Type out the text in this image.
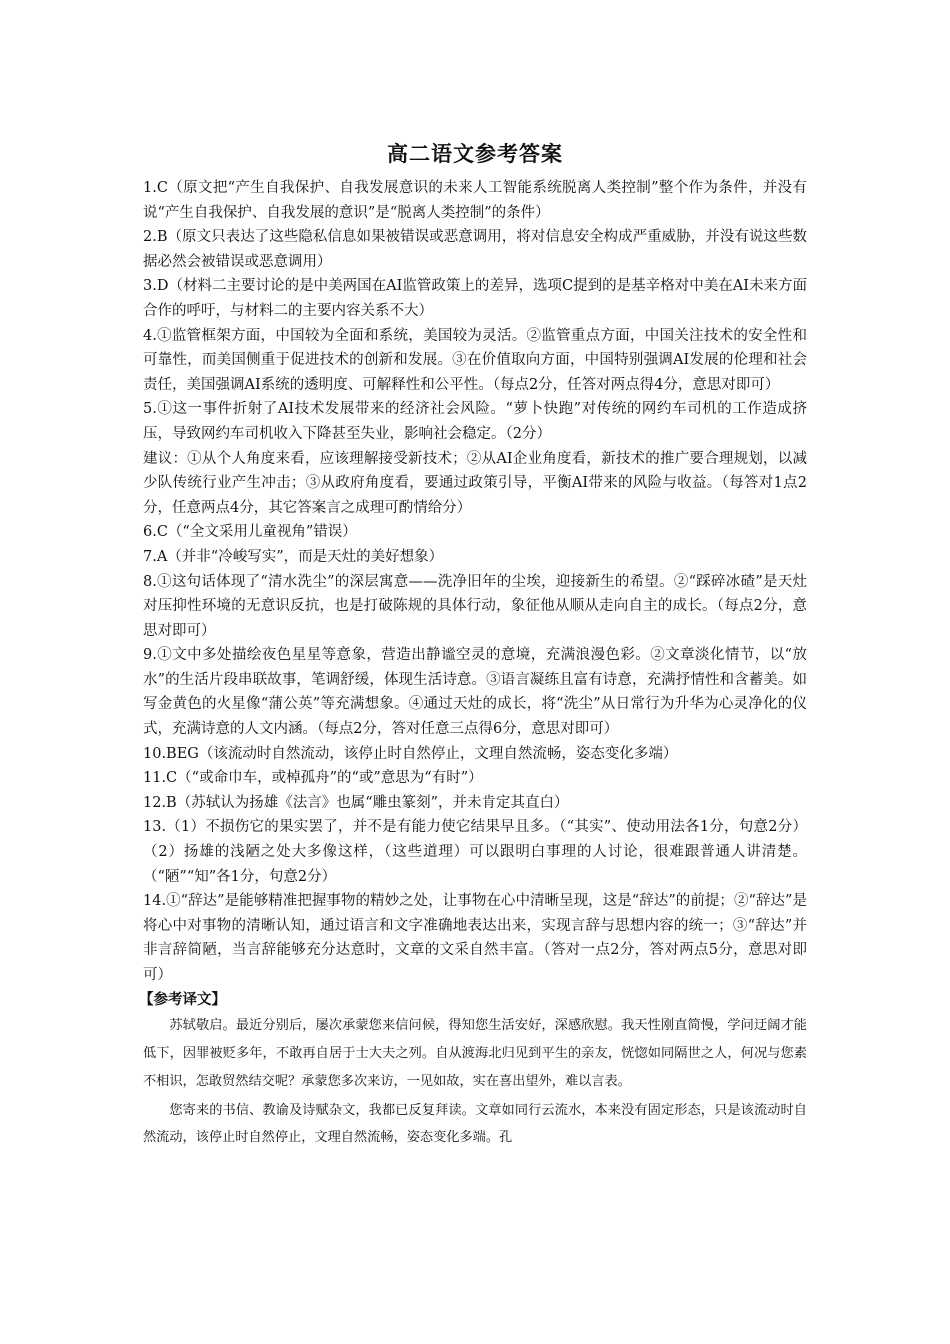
高二语文参考答案

1.C（原文把“产生自我保护、自我发展意识的未来人工智能系统脱离人类控制”整个作为条件，并没有说“产生自我保护、自我发展的意识”是“脱离人类控制”的条件）

2.B（原文只表达了这些隐私信息如果被错误或恶意调用，将对信息安全构成严重威胁，并没有说这些数据必然会被错误或恶意调用）

3.D（材料二主要讨论的是中美两国在AI监管政策上的差异，选项C提到的是基辛格对中美在AI未来方面合作的呼吁，与材料二的主要内容关系不大）

4.①监管框架方面，中国较为全面和系统，美国较为灵活。②监管重点方面，中国关注技术的安全性和可靠性，而美国侧重于促进技术的创新和发展。③在价值取向方面，中国特别强调AI发展的伦理和社会责任，美国强调AI系统的透明度、可解释性和公平性。（每点2分，任答对两点得4分，意思对即可）

5.①这一事件折射了AI技术发展带来的经济社会风险。“萝卜快跑”对传统的网约车司机的工作造成挤压，导致网约车司机收入下降甚至失业，影响社会稳定。（2分）

建议：①从个人角度来看，应该理解接受新技术；②从AI企业角度看，新技术的推广要合理规划，以减少队传统行业产生冲击；③从政府角度看，要通过政策引导，平衡AI带来的风险与收益。（每答对1点2分，任意两点4分，其它答案言之成理可酌情给分）

6.C（“全文采用儿童视角”错误）

7.A（并非“冷峻写实”，而是天灶的美好想象）

8.①这句话体现了“清水洗尘”的深层寓意——洗净旧年的尘埃，迎接新生的希望。②“踩碎冰碴”是天灶对压抑性环境的无意识反抗，也是打破陈规的具体行动，象征他从顺从走向自主的成长。（每点2分，意思对即可）

9.①文中多处描绘夜色星星等意象，营造出静谧空灵的意境，充满浪漫色彩。②文章淡化情节，以“放水”的生活片段串联故事，笔调舒缓，体现生活诗意。③语言凝练且富有诗意，充满抒情性和含蓄美。如写金黄色的火星像“蒲公英”等充满想象。④通过天灶的成长，将“洗尘”从日常行为升华为心灵净化的仪式，充满诗意的人文内涵。（每点2分，答对任意三点得6分，意思对即可）

10.BEG（该流动时自然流动，该停止时自然停止，文理自然流畅，姿态变化多端）

11.C（“或命巾车，或棹孤舟”的“或”意思为“有时”）

12.B（苏轼认为扬雄《法言》也属“雕虫篆刻”，并未肯定其直白）

13.（1）不损伤它的果实罢了，并不是有能力使它结果早且多。（“其实”、使动用法各1分，句意2分）（2）扬雄的浅陋之处大多像这样，（这些道理）可以跟明白事理的人讨论，很难跟普通人讲清楚。（“陋”“知”各1分，句意2分）

14.①“辞达”是能够精准把握事物的精妙之处，让事物在心中清晰呈现，这是“辞达”的前提；②“辞达”是将心中对事物的清晰认知，通过语言和文字准确地表达出来，实现言辞与思想内容的统一；③“辞达”并非言辞简陋，当言辞能够充分达意时，文章的文采自然丰富。（答对一点2分，答对两点5分，意思对即可）

【参考译文】

苏轼敬启。最近分别后，屡次承蒙您来信问候，得知您生活安好，深感欣慰。我天性刚直简慢，学问迂阔才能低下，因罪被贬多年，不敢再自居于士大夫之列。自从渡海北归见到平生的亲友，恍惚如同隔世之人，何况与您素不相识，怎敢贸然结交呢？承蒙您多次来访，一见如故，实在喜出望外，难以言表。

您寄来的书信、教谕及诗赋杂文，我都已反复拜读。文章如同行云流水，本来没有固定形态，只是该流动时自然流动，该停止时自然停止，文理自然流畅，姿态变化多端。孔
